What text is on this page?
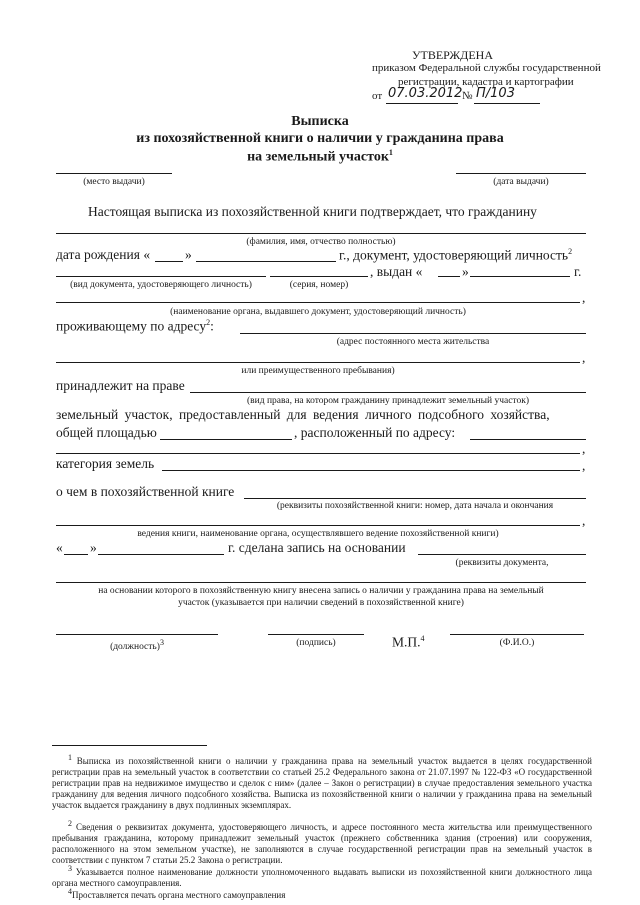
УТВЕРЖДЕНА
приказом Федеральной службы государственной
регистрации, кадастра и картографии
от 07.03.2012 № П/103
Выписка
из похозяйственной книги о наличии у гражданина права
на земельный участок$^1$
(место выдачи)	(дата выдачи)
Настоящая выписка из похозяйственной книги подтверждает, что гражданину
(фамилия, имя, отчество полностью)
дата рождения «	»	г., документ, удостоверяющий личность$^2$
, выдан «	»	г.
(вид документа, удостоверяющего личность)	(серия, номер)
,
(наименование органа, выдавшего документ, удостоверяющий личность)
проживающему по адресу$^2$:
(адрес постоянного места жительства
,
или преимущественного пребывания)
принадлежит на праве
(вид права, на котором гражданину принадлежит земельный участок)
земельный участок, предоставленный для ведения личного подсобного хозяйства,
общей площадью	, расположенный по адресу:
,
категория земель	,
о чем в похозяйственной книге
(реквизиты похозяйственной книги: номер, дата начала и окончания
,
ведения книги, наименование органа, осуществлявшего ведение похозяйственной книги)
« »	г. сделана запись на основании
(реквизиты документа,
на основании которого в похозяйственную книгу внесена запись о наличии у гражданина права на земельный
участок (указывается при наличии сведений в похозяйственной книге)
(должность)$^3$	(подпись)	М.П.$^4$	(Ф.И.О.)
$^1$ Выписка из похозяйственной книги о наличии у гражданина права на земельный участок выдается в целях государственной регистрации прав на земельный участок в соответствии со статьей 25.2 Федерального закона от 21.07.1997 № 122-ФЗ «О государственной регистрации прав на недвижимое имущество и сделок с ним» (далее – Закон о регистрации) в случае предоставления земельного участка гражданину для ведения личного подсобного хозяйства. Выписка из похозяйственной книги о наличии у гражданина права на земельный участок выдается гражданину в двух подлинных экземплярах.
$^2$ Сведения о реквизитах документа, удостоверяющего личность, и адресе постоянного места жительства или преимущественного пребывания гражданина, которому принадлежит земельный участок (прежнего собственника здания (строения) или сооружения, расположенного на этом земельном участке), не заполняются в случае государственной регистрации прав на земельный участок в соответствии с пунктом 7 статьи 25.2 Закона о регистрации.
$^3$ Указывается полное наименование должности уполномоченного выдавать выписки из похозяйственной книги должностного лица органа местного самоуправления.
$^4$Проставляется печать органа местного самоуправления
